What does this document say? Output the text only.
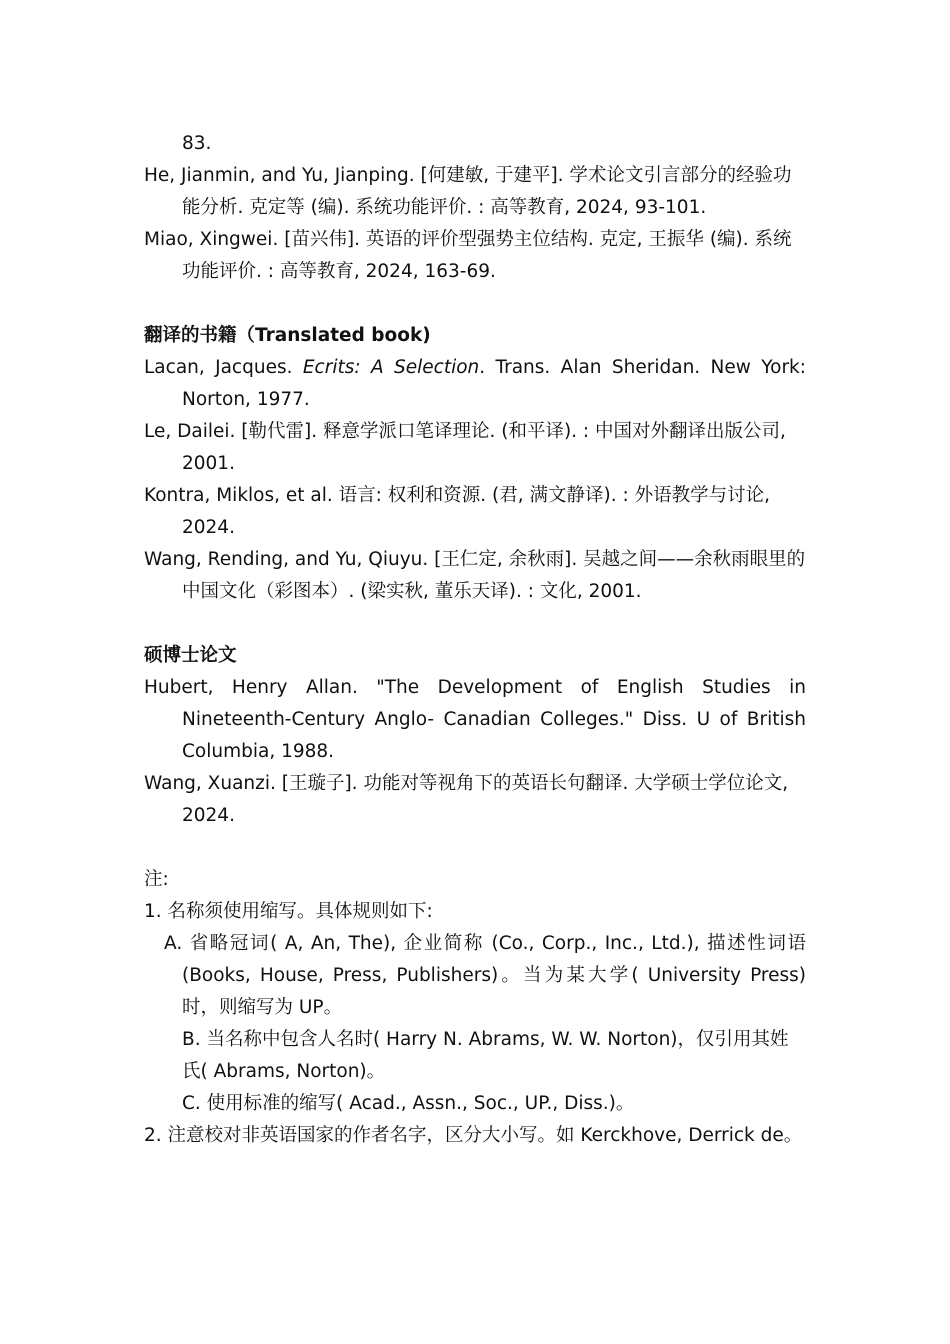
83.

He, Jianmin, and Yu, Jianping. [何建敏, 于建平]. 学术论文引言部分的经验功能分析. 克定等 (编). 系统功能评价. : 高等教育, 2024, 93-101.

Miao, Xingwei. [苗兴伟]. 英语的评价型强势主位结构. 克定, 王振华 (编). 系统功能评价. : 高等教育, 2024, 163-69.

翻译的书籍（Translated book)

Lacan, Jacques. Ecrits: A Selection. Trans. Alan Sheridan. New York: Norton, 1977.

Le, Dailei. [勒代雷]. 释意学派口笔译理论. (和平译). : 中国对外翻译出版公司, 2001.

Kontra, Miklos, et al. 语言: 权利和资源. (君, 满文静译). : 外语教学与讨论, 2024.

Wang, Rending, and Yu, Qiuyu. [王仁定, 余秋雨]. 吴越之间——余秋雨眼里的中国文化（彩图本）. (梁实秋, 董乐天译). : 文化, 2001.

硕博士论文

Hubert, Henry Allan. "The Development of English Studies in Nineteenth-Century Anglo- Canadian Colleges." Diss. U of British Columbia, 1988.

Wang, Xuanzi. [王璇子]. 功能对等视角下的英语长句翻译. 大学硕士学位论文, 2024.

注:

1. 名称须使用缩写。具体规则如下:

A. 省略冠词( A, An, The), 企业简称 (Co., Corp., Inc., Ltd.), 描述性词语 (Books, House, Press, Publishers)。当为某大学( University Press) 时，则缩写为 UP。

B. 当名称中包含人名时( Harry N. Abrams, W. W. Norton)，仅引用其姓氏( Abrams, Norton)。

C. 使用标准的缩写( Acad., Assn., Soc., UP., Diss.)。

2. 注意校对非英语国家的作者名字，区分大小写。如 Kerckhove, Derrick de。
